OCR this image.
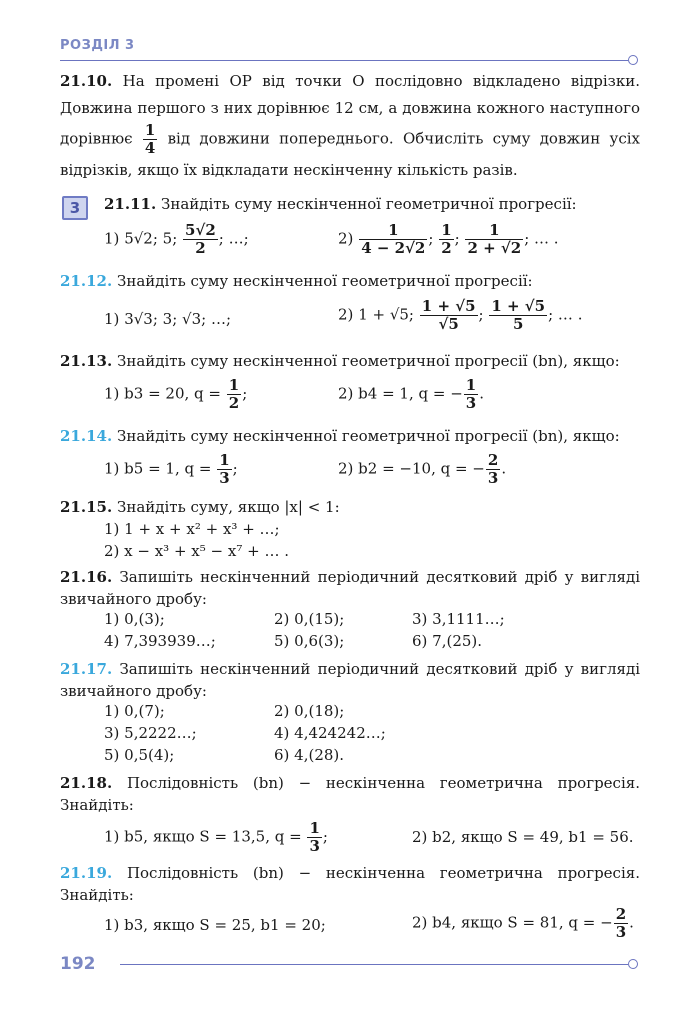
РОЗДІЛ 3
21.10. На промені OP від точки O послідовно відкладено відрізки. Довжина першого з них дорівнює 12 см, а довжина кожного наступного дорівнює $\frac{1}{4}$ від довжини попереднього. Обчисліть суму довжин усіх відрізків, якщо їх відкладати нескінченну кількість разів.
3	21.11. Знайдіть суму нескінченної геометричної прогресії:
1) 5√2; 5; $\frac{5√2}{2}$ ; …;	$2) \frac{1}{4 - 2√2}$ ; $\frac{1}{2}$ ; $\frac{1}{2 + √2}$ ; … .
21.12. Знайдіть суму нескінченної геометричної прогресії:
1) 3√3; 3; √3; …;	2) 1 + √5; $\frac{1 + √5}{√5}$ ; $\frac{1 + √5}{5}$ ; … .
21.13. Знайдіть суму нескінченної геометричної прогресії (bn), якщо:
1) b3 = 20, $q = \frac{1}{2}$ ;	2) b4 = 1, q = − $\frac{1}{3}$ .
21.14. Знайдіть суму нескінченної геометричної прогресії (bn), якщо:
1) b5 = 1, $q = \frac{1}{3}$ ;	2) b2 = −10, q = − $\frac{2}{3}$ .
21.15. Знайдіть суму, якщо |x| < 1:
1) 1 + x + x² + x³ + …;
2) x − x³ + x⁵ − x⁷ + … .
21.16. Запишіть нескінченний періодичний десятковий дріб у вигляді звичайного дробу:
1) 0,(3);	2) 0,(15);	3) 3,1111…;
4) 7,393939…;	5) 0,6(3);	6) 7,(25).
21.17. Запишіть нескінченний періодичний десятковий дріб у вигляді звичайного дробу:
1) 0,(7);	2) 0,(18);
3) 5,2222…;	4) 4,424242…;
5) 0,5(4);	6) 4,(28).
21.18. Послідовність (bn) − нескінченна геометрична прогресія. Знайдіть:
1) b5, якщо S = 13,5, $q = \frac{1}{3}$ ;	2) b2, якщо S = 49, b1 = 56.
21.19. Послідовність (bn) − нескінченна геометрична прогресія. Знайдіть:
1) b3, якщо S = 25, b1 = 20;	2) b4, якщо S = 81, q = − $\frac{2}{3}$ .
192
